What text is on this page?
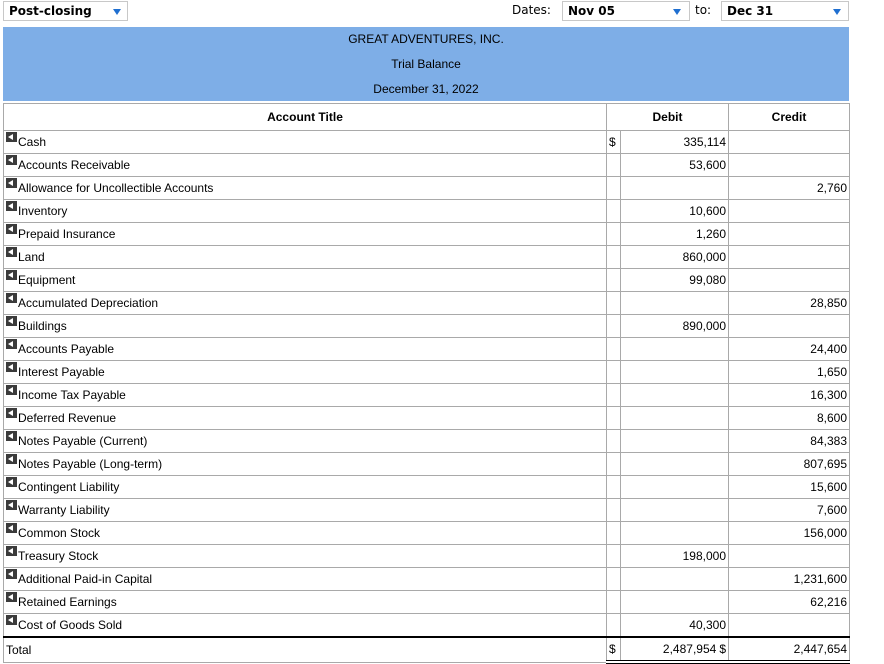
Post-closing	Dates: Nov 05	to: Dec 31
GREAT ADVENTURES, INC.
Trial Balance
December 31, 2022
Account Title	Debit		Credit
Cash	$	335,114	
Accounts Receivable		53,600	
Allowance for Uncollectible Accounts			2,760
Inventory		10,600	
Prepaid Insurance		1,260	
Land		860,000	
Equipment		99,080	
Accumulated Depreciation			28,850
Buildings		890,000	
Accounts Payable			24,400
Interest Payable			1,650
Income Tax Payable			16,300
Deferred Revenue			8,600
Notes Payable (Current)			84,383
Notes Payable (Long-term)			807,695
Contingent Liability			15,600
Warranty Liability			7,600
Common Stock			156,000
Treasury Stock		198,000	
Additional Paid-in Capital			1,231,600
Retained Earnings			62,216
Cost of Goods Sold		40,300	
Total	$	2,487,954 $	2,447,654
